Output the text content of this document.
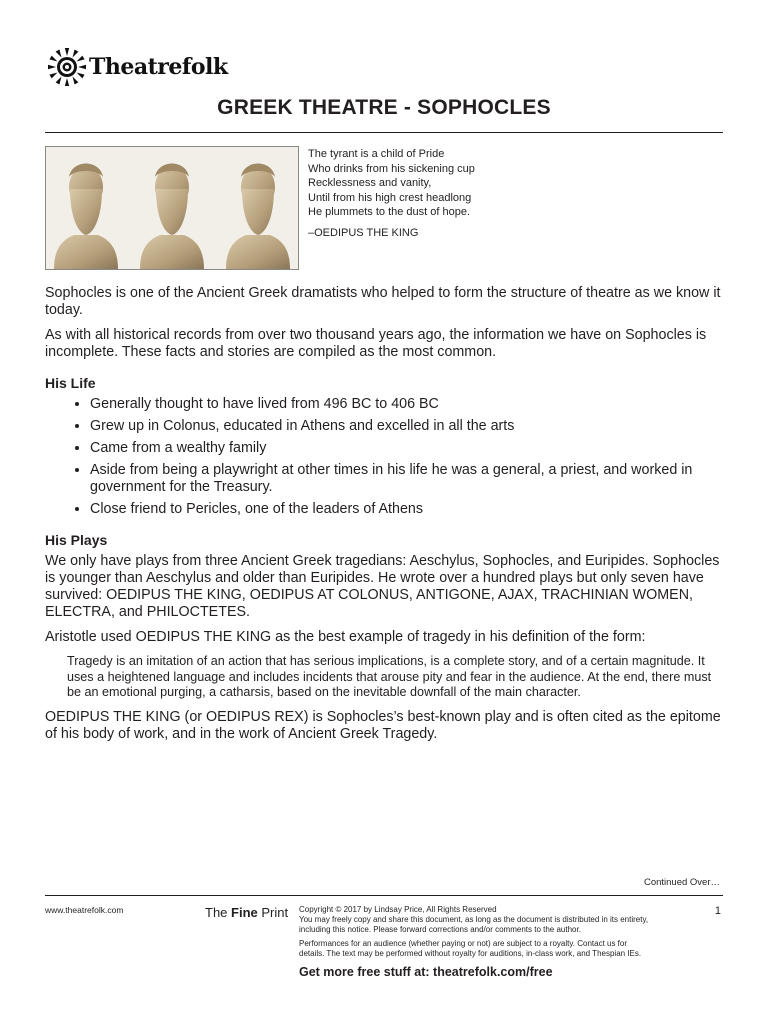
Theatrefolk
GREEK THEATRE - SOPHOCLES
The tyrant is a child of Pride
Who drinks from his sickening cup
Recklessness and vanity,
Until from his high crest headlong
He plummets to the dust of hope.
–OEDIPUS THE KING

Sophocles is one of the Ancient Greek dramatists who helped to form the structure of theatre as we know it today.

As with all historical records from over two thousand years ago, the information we have on Sophocles is incomplete. These facts and stories are compiled as the most common.

His Life
• Generally thought to have lived from 496 BC to 406 BC
• Grew up in Colonus, educated in Athens and excelled in all the arts
• Came from a wealthy family
• Aside from being a playwright at other times in his life he was a general, a priest, and worked in government for the Treasury.
• Close friend to Pericles, one of the leaders of Athens
His Plays

We only have plays from three Ancient Greek tragedians: Aeschylus, Sophocles, and Euripides. Sophocles is younger than Aeschylus and older than Euripides. He wrote over a hundred plays but only seven have survived: OEDIPUS THE KING, OEDIPUS AT COLONUS, ANTIGONE, AJAX, TRACHINIAN WOMEN, ELECTRA, and PHILOCTETES.

Aristotle used OEDIPUS THE KING as the best example of tragedy in his definition of the form:

Tragedy is an imitation of an action that has serious implications, is a complete story, and of a certain magnitude. It uses a heightened language and includes incidents that arouse pity and fear in the audience. At the end, there must be an emotional purging, a catharsis, based on the inevitable downfall of the main character.

OEDIPUS THE KING (or OEDIPUS REX) is Sophocles’s best-known play and is often cited as the epitome of his body of work, and in the work of Ancient Greek Tragedy.

Continued Over…
www.theatrefolk.com	The Fine Print Copyright © 2017 by Lindsay Price, All Rights Reserved
You may freely copy and share this document, as long as the document is distributed in its entirety,
including this notice. Please forward corrections and/or comments to the author.
Performances for an audience (whether paying or not) are subject to a royalty. Contact us for
details. The text may be performed without royalty for auditions, in-class work, and Thespian IEs.
Get more free stuff at: theatrefolk.com/free
1
